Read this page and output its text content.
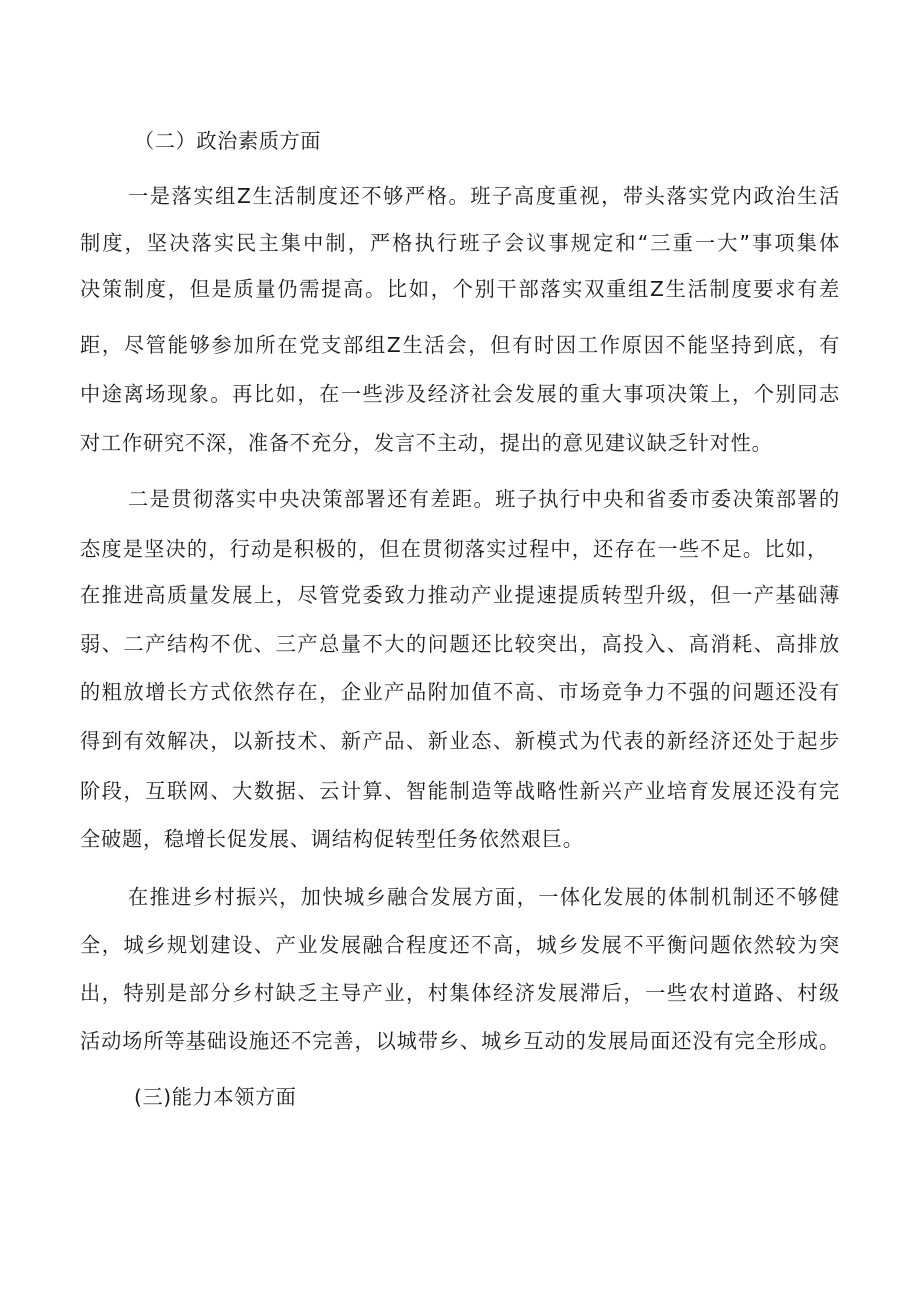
（二）政治素质方面
一是落实组Z生活制度还不够严格。班子高度重视，带头落实党内政治生活
制度，坚决落实民主集中制，严格执行班子会议事规定和“三重一大”事项集体
决策制度，但是质量仍需提高。比如，个别干部落实双重组Z生活制度要求有差
距，尽管能够参加所在党支部组Z生活会，但有时因工作原因不能坚持到底，有
中途离场现象。再比如，在一些涉及经济社会发展的重大事项决策上，个别同志
对工作研究不深，准备不充分，发言不主动，提出的意见建议缺乏针对性。
二是贯彻落实中央决策部署还有差距。班子执行中央和省委市委决策部署的
态度是坚决的，行动是积极的，但在贯彻落实过程中，还存在一些不足。比如，
在推进高质量发展上，尽管党委致力推动产业提速提质转型升级，但一产基础薄
弱、二产结构不优、三产总量不大的问题还比较突出，高投入、高消耗、高排放
的粗放增长方式依然存在，企业产品附加值不高、市场竞争力不强的问题还没有
得到有效解决，以新技术、新产品、新业态、新模式为代表的新经济还处于起步
阶段，互联网、大数据、云计算、智能制造等战略性新兴产业培育发展还没有完
全破题，稳增长促发展、调结构促转型任务依然艰巨。
在推进乡村振兴，加快城乡融合发展方面，一体化发展的体制机制还不够健
全，城乡规划建设、产业发展融合程度还不高，城乡发展不平衡问题依然较为突
出，特别是部分乡村缺乏主导产业，村集体经济发展滞后，一些农村道路、村级
活动场所等基础设施还不完善，以城带乡、城乡互动的发展局面还没有完全形成。
(三)能力本领方面
